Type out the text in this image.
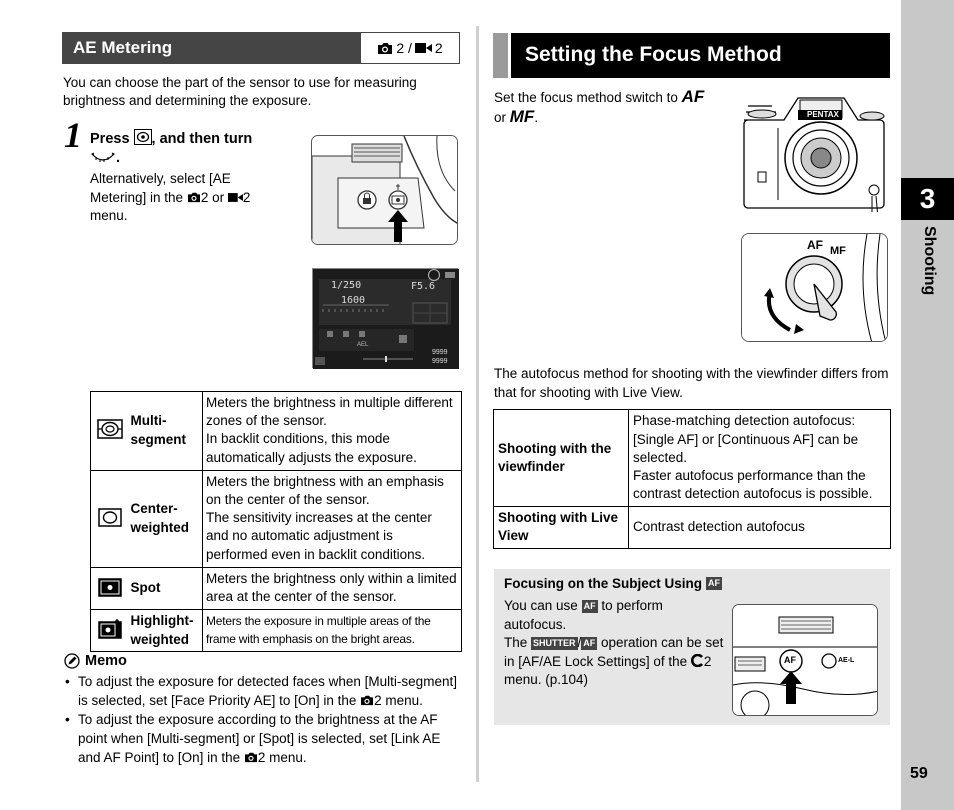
AE Metering	2 / 2

You can choose the part of the sensor to use for measuring brightness and determining the exposure.

1 Press , and then turn
.
Alternatively, select [AE Metering] in the 2 or 2 menu.
1/250	F5.6
1600
AEL
9999
9999
	Multi-segment	Meters the brightness in multiple different zones of the sensor.
In backlit conditions, this mode automatically adjusts the exposure.
	Center-weighted	Meters the brightness with an emphasis on the center of the sensor.
The sensitivity increases at the center and no automatic adjustment is performed even in backlit conditions.
	Spot	Meters the brightness only within a limited area at the center of the sensor.
	Highlight-weighted	Meters the exposure in multiple areas of the frame with emphasis on the bright areas.
Memo
• To adjust the exposure for detected faces when [Multi-segment] is selected, set [Face Priority AE] to [On] in the 2 menu.
• To adjust the exposure according to the brightness at the AF point when [Multi-segment] or [Spot] is selected, set [Link AE and AF Point] to [On] in the 2 menu.
Setting the Focus Method
Set the focus method switch to AF
or MF.	PENTAX
AF MF

The autofocus method for shooting with the viewfinder differs from that for shooting with Live View.

Shooting with the viewfinder	Phase-matching detection autofocus: [Single AF] or [Continuous AF] can be selected.
Faster autofocus performance than the contrast detection autofocus is possible.
Shooting with Live View	Contrast detection autofocus
Focusing on the Subject Using AF
You can use AF to perform autofocus.
The SHUTTER / AF operation can be set in [AF/AE Lock Settings] of the 2 menu. (p.104)
AF	AE-L
3
Shooting
59
